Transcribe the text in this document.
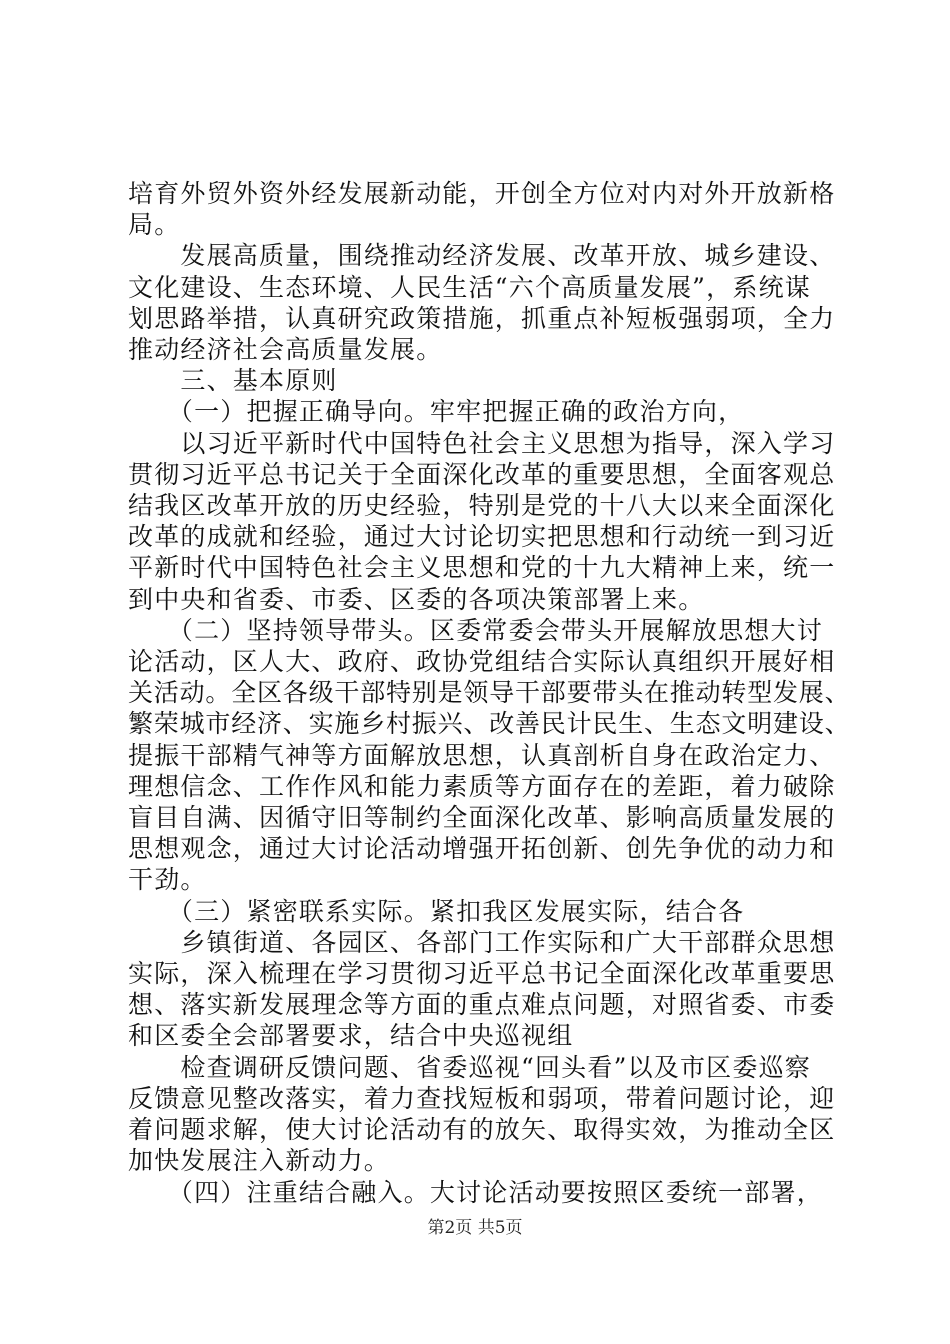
培育外贸外资外经发展新动能，开创全方位对内对外开放新格
局。
　　发展高质量，围绕推动经济发展、改革开放、城乡建设、
文化建设、生态环境、人民生活“六个高质量发展”，系统谋
划思路举措，认真研究政策措施，抓重点补短板强弱项，全力
推动经济社会高质量发展。
　　三、基本原则
　　（一）把握正确导向。牢牢把握正确的政治方向，
　　以习近平新时代中国特色社会主义思想为指导，深入学习
贯彻习近平总书记关于全面深化改革的重要思想，全面客观总
结我区改革开放的历史经验，特别是党的十八大以来全面深化
改革的成就和经验，通过大讨论切实把思想和行动统一到习近
平新时代中国特色社会主义思想和党的十九大精神上来，统一
到中央和省委、市委、区委的各项决策部署上来。
　　（二）坚持领导带头。区委常委会带头开展解放思想大讨
论活动，区人大、政府、政协党组结合实际认真组织开展好相
关活动。全区各级干部特别是领导干部要带头在推动转型发展、
繁荣城市经济、实施乡村振兴、改善民计民生、生态文明建设、
提振干部精气神等方面解放思想，认真剖析自身在政治定力、
理想信念、工作作风和能力素质等方面存在的差距，着力破除
盲目自满、因循守旧等制约全面深化改革、影响高质量发展的
思想观念，通过大讨论活动增强开拓创新、创先争优的动力和
干劲。
　　（三）紧密联系实际。紧扣我区发展实际，结合各
　　乡镇街道、各园区、各部门工作实际和广大干部群众思想
实际，深入梳理在学习贯彻习近平总书记全面深化改革重要思
想、落实新发展理念等方面的重点难点问题，对照省委、市委
和区委全会部署要求，结合中央巡视组
　　检查调研反馈问题、省委巡视“回头看”以及市区委巡察
反馈意见整改落实，着力查找短板和弱项，带着问题讨论，迎
着问题求解，使大讨论活动有的放矢、取得实效，为推动全区
加快发展注入新动力。
　　（四）注重结合融入。大讨论活动要按照区委统一部署，
第2页 共5页
